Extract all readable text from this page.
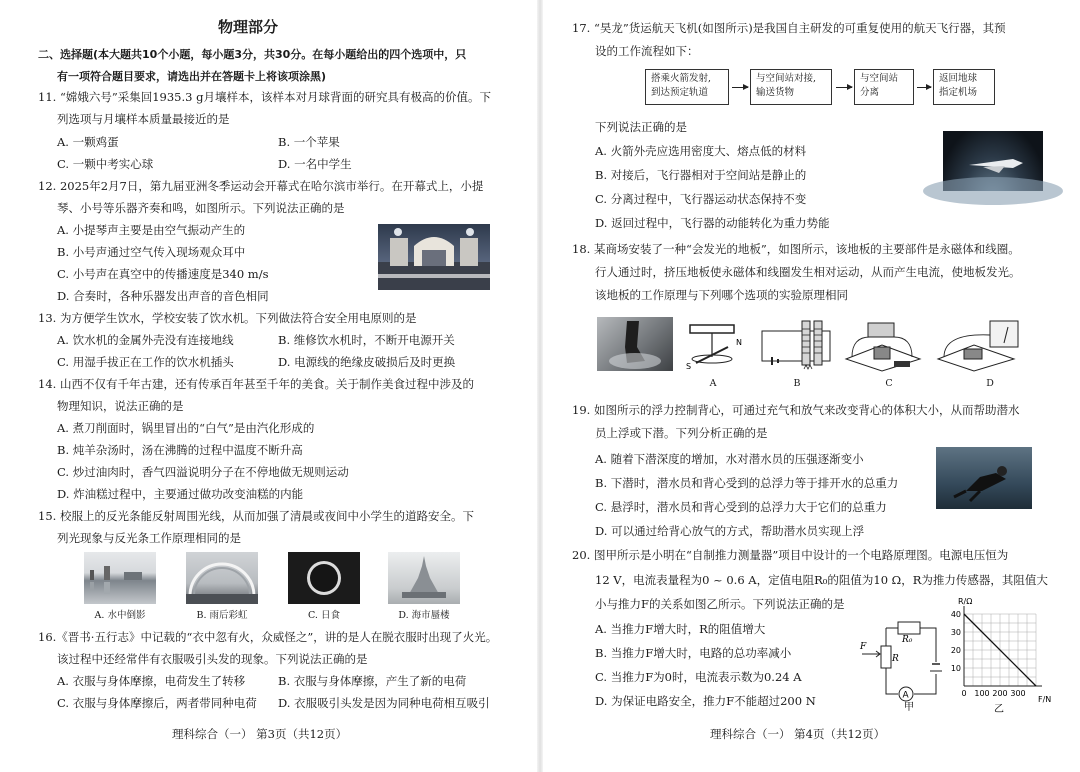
物理部分
二、选择题(本大题共10个小题，每小题3分，共30分。在每小题给出的四个选项中，只
有一项符合题目要求，请选出并在答题卡上将该项涂黑)
11. “嫦娥六号”采集回1935.3 g月壤样本，该样本对月球背面的研究具有极高的价值。下
列选项与月壤样本质量最接近的是
A. 一颗鸡蛋	B. 一个苹果
C. 一颗中考实心球	D. 一名中学生
12. 2025年2月7日，第九届亚洲冬季运动会开幕式在哈尔滨市举行。在开幕式上，小提
琴、小号等乐器齐奏和鸣，如图所示。下列说法正确的是
A. 小提琴声主要是由空气振动产生的
B. 小号声通过空气传入现场观众耳中
C. 小号声在真空中的传播速度是340 m/s
D. 合奏时，各种乐器发出声音的音色相同
13. 为方便学生饮水，学校安装了饮水机。下列做法符合安全用电原则的是
A. 饮水机的金属外壳没有连接地线	B. 维修饮水机时，不断开电源开关
C. 用湿手拔正在工作的饮水机插头	D. 电源线的绝缘皮破损后及时更换
14. 山西不仅有千年古建，还有传承百年甚至千年的美食。关于制作美食过程中涉及的
物理知识，说法正确的是
A. 煮刀削面时，锅里冒出的“白气”是由汽化形成的
B. 炖羊杂汤时，汤在沸腾的过程中温度不断升高
C. 炒过油肉时，香气四溢说明分子在不停地做无规则运动
D. 炸油糕过程中，主要通过做功改变油糕的内能
15. 校服上的反光条能反射周围光线，从而加强了清晨或夜间中小学生的道路安全。下
列光现象与反光条工作原理相同的是
A. 水中倒影	B. 雨后彩虹	C. 日食	D. 海市蜃楼
16.《晋书·五行志》中记载的“衣中忽有火，众威怪之”，讲的是人在脱衣服时出现了火光。
该过程中还经常伴有衣服吸引头发的现象。下列说法正确的是
A. 衣服与身体摩擦，电荷发生了转移	B. 衣服与身体摩擦，产生了新的电荷
C. 衣服与身体摩擦后，两者带同种电荷 D. 衣服吸引头发是因为同种电荷相互吸引
理科综合（一） 第3页（共12页）
17. “昊龙”货运航天飞机(如图所示)是我国自主研发的可重复使用的航天飞行器，其预
设的工作流程如下：
搭乘火箭发射,
到达预定轨道
与空间站对接,
输送货物
与空间站
分离
返回地球
指定机场
下列说法正确的是
A. 火箭外壳应选用密度大、熔点低的材料
B. 对接后，飞行器相对于空间站是静止的
C. 分离过程中，飞行器运动状态保持不变
D. 返回过程中，飞行器的动能转化为重力势能
18. 某商场安装了一种“会发光的地板”，如图所示，该地板的主要部件是永磁体和线圈。
行人通过时，挤压地板使永磁体和线圈发生相对运动，从而产生电流，使地板发光。
该地板的工作原理与下列哪个选项的实验原理相同
S
N
A	B	C	D
19. 如图所示的浮力控制背心，可通过充气和放气来改变背心的体积大小，从而帮助潜水
员上浮或下潜。下列分析正确的是
A. 随着下潜深度的增加，水对潜水员的压强逐渐变小
B. 下潜时，潜水员和背心受到的总浮力等于排开水的总重力
C. 悬浮时，潜水员和背心受到的总浮力大于它们的总重力
D. 可以通过给背心放气的方式，帮助潜水员实现上浮
20. 图甲所示是小明在“自制推力测量器”项目中设计的一个电路原理图。电源电压恒为
12 V，电流表量程为0 ~ 0.6 A，定值电阻R₀的阻值为10 Ω，R为推力传感器，其阻值大
小与推力F的关系如图乙所示。下列说法正确的是
A. 当推力F增大时，R的阻值增大
B. 当推力F增大时，电路的总功率减小
C. 当推力F为0时，电流表示数为0.24 A
D. 为保证电路安全，推力F不能超过200 N
R₀
R
F
A
甲
R/Ω
F/N
10
20
30
40
0 100 200 300
乙
理科综合（一） 第4页（共12页）
